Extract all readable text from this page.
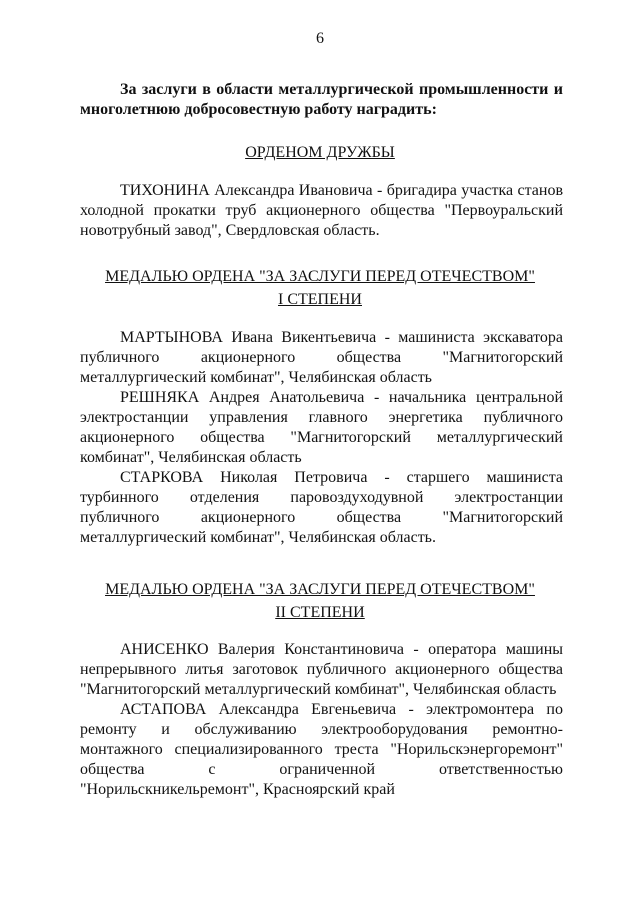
6
За заслуги в области металлургической промышленности и многолетнюю добросовестную работу наградить:
ОРДЕНОМ ДРУЖБЫ
ТИХОНИНА Александра Ивановича - бригадира участка станов холодной прокатки труб акционерного общества "Первоуральский новотрубный завод", Свердловская область.
МЕДАЛЬЮ ОРДЕНА "ЗА ЗАСЛУГИ ПЕРЕД ОТЕЧЕСТВОМ"
I СТЕПЕНИ
МАРТЫНОВА Ивана Викентьевича - машиниста экскаватора публичного акционерного общества "Магнитогорский металлургический комбинат", Челябинская область
РЕШНЯКА Андрея Анатольевича - начальника центральной электростанции управления главного энергетика публичного акционерного общества "Магнитогорский металлургический комбинат", Челябинская область
СТАРКОВА Николая Петровича - старшего машиниста турбинного отделения паровоздуходувной электростанции публичного акционерного общества "Магнитогорский металлургический комбинат", Челябинская область.
МЕДАЛЬЮ ОРДЕНА "ЗА ЗАСЛУГИ ПЕРЕД ОТЕЧЕСТВОМ"
II СТЕПЕНИ
АНИСЕНКО Валерия Константиновича - оператора машины непрерывного литья заготовок публичного акционерного общества "Магнитогорский металлургический комбинат", Челябинская область
АСТАПОВА Александра Евгеньевича - электромонтера по ремонту и обслуживанию электрооборудования ремонтно-монтажного специализированного треста "Норильскэнергоремонт" общества с ограниченной ответственностью "Норильскникельремонт", Красноярский край
